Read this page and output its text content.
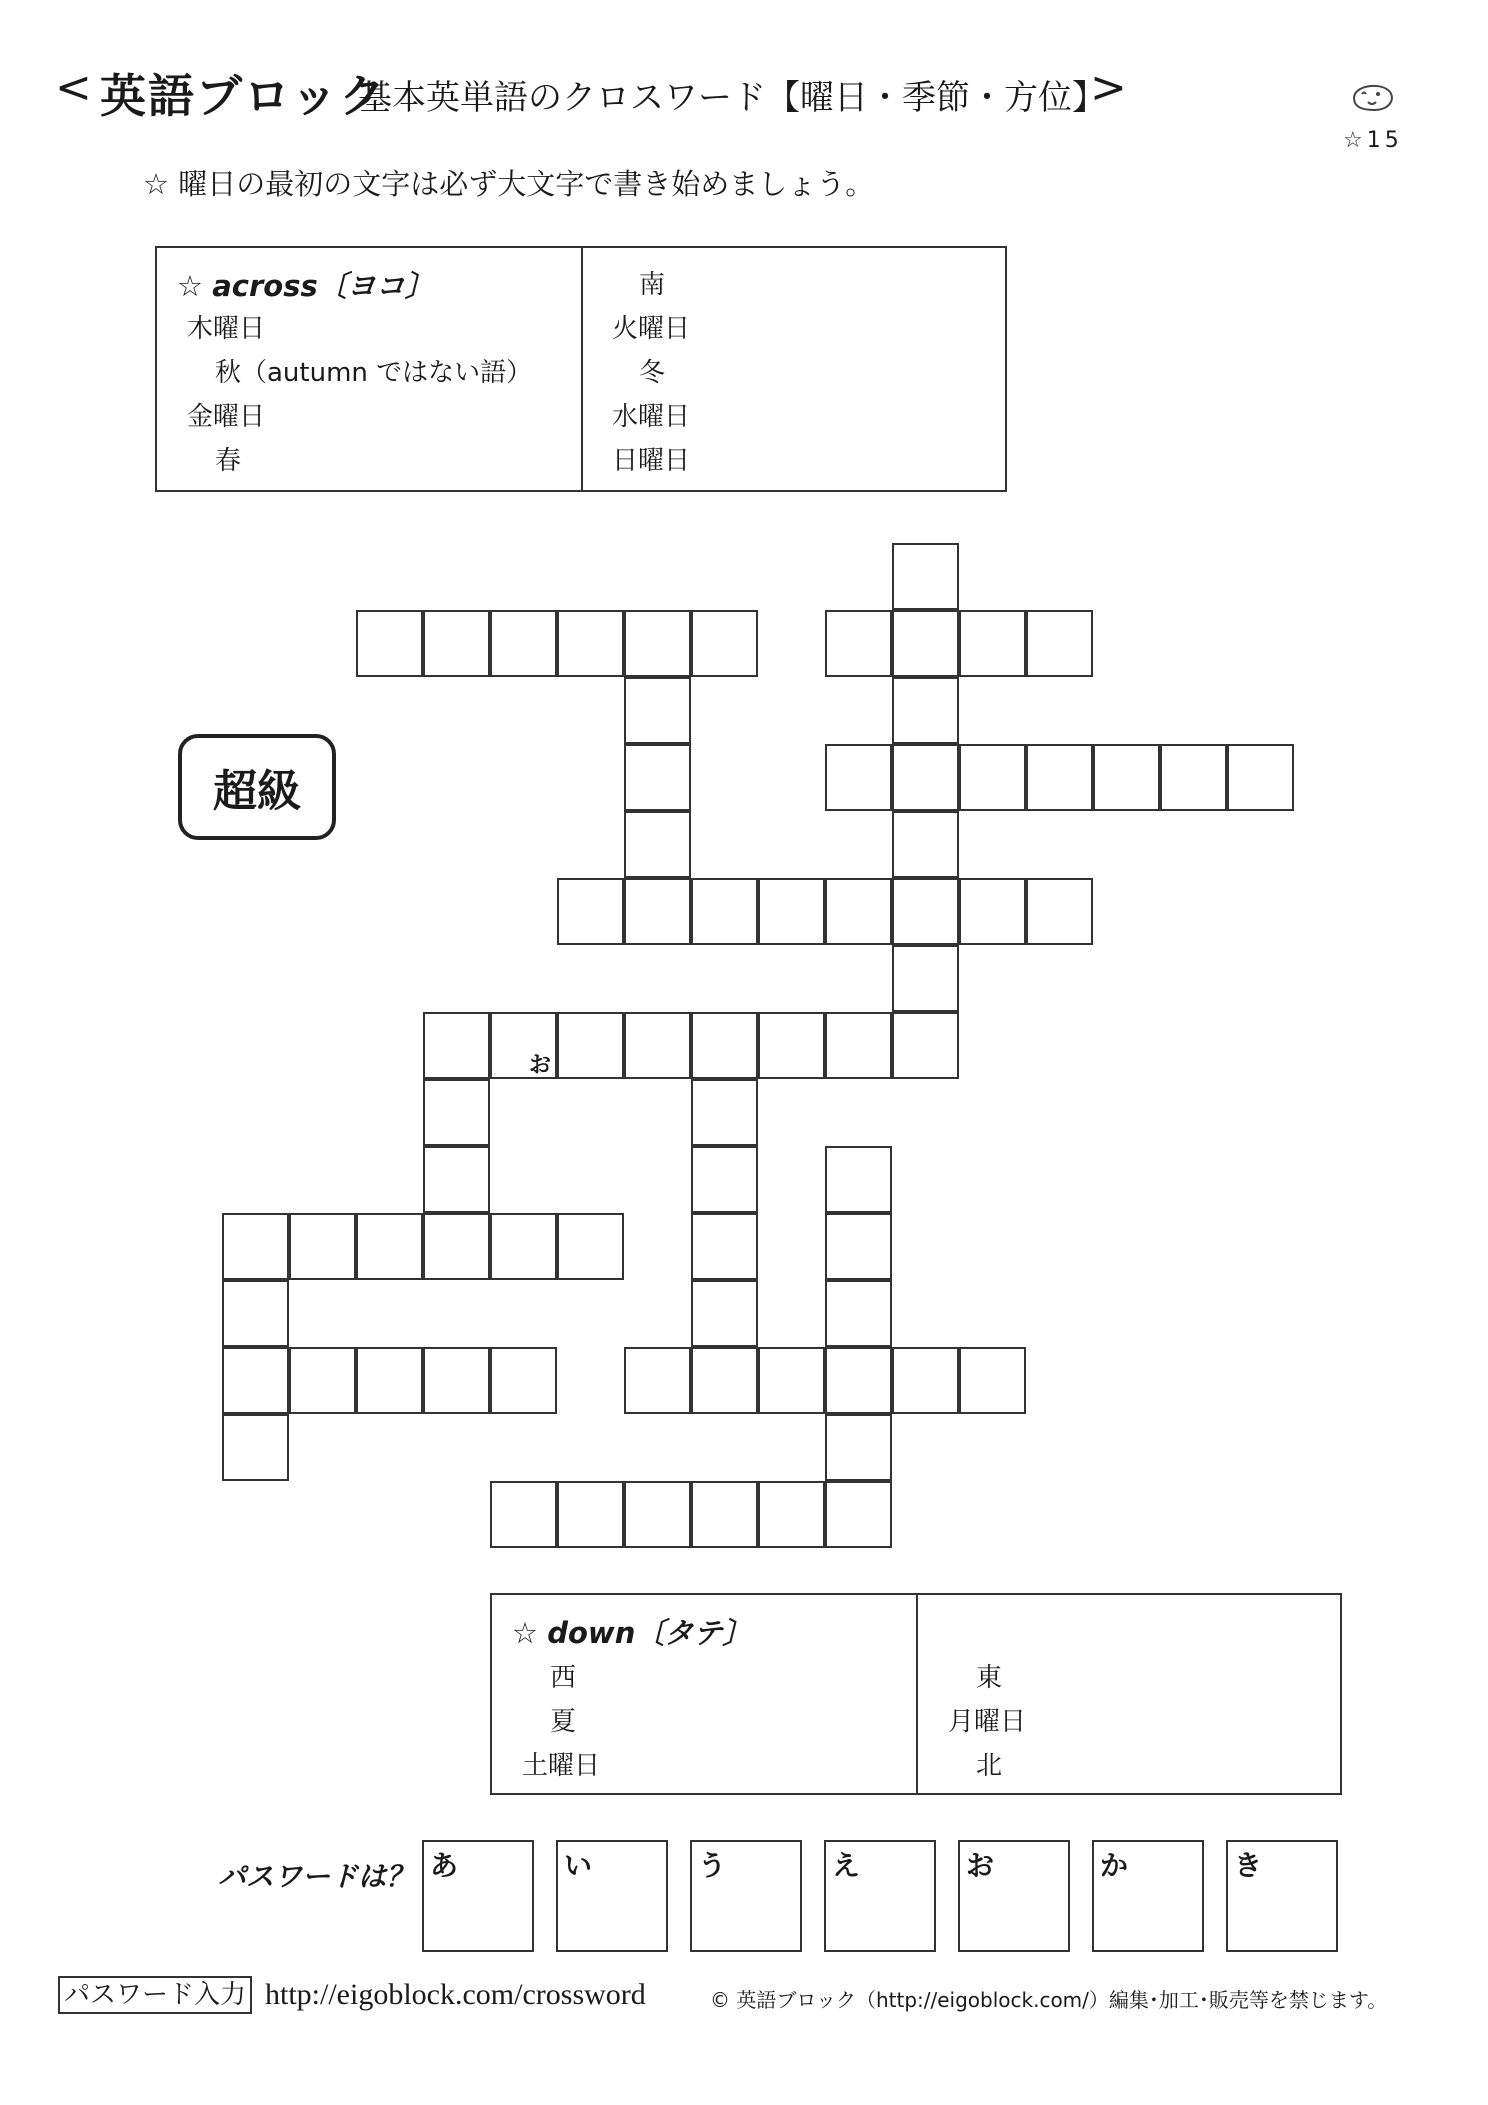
< 英語ブロック
基本英単語のクロスワード【曜日・季節・方位】
>
☆15
☆ 曜日の最初の文字は必ず大文字で書き始めましょう。
☆ across〔ヨコ〕
木曜日
秋（autumn ではない語）
金曜日
春
南
火曜日
冬
水曜日
日曜日
超級
お
☆ down〔タテ〕
西
夏
土曜日
東
月曜日
北
パスワードは？ あ	い	う	え	お	か	き
パスワード入力 http://eigoblock.com/crossword	© 英語ブロック（http://eigoblock.com/）編集･加工･販売等を禁じます。
